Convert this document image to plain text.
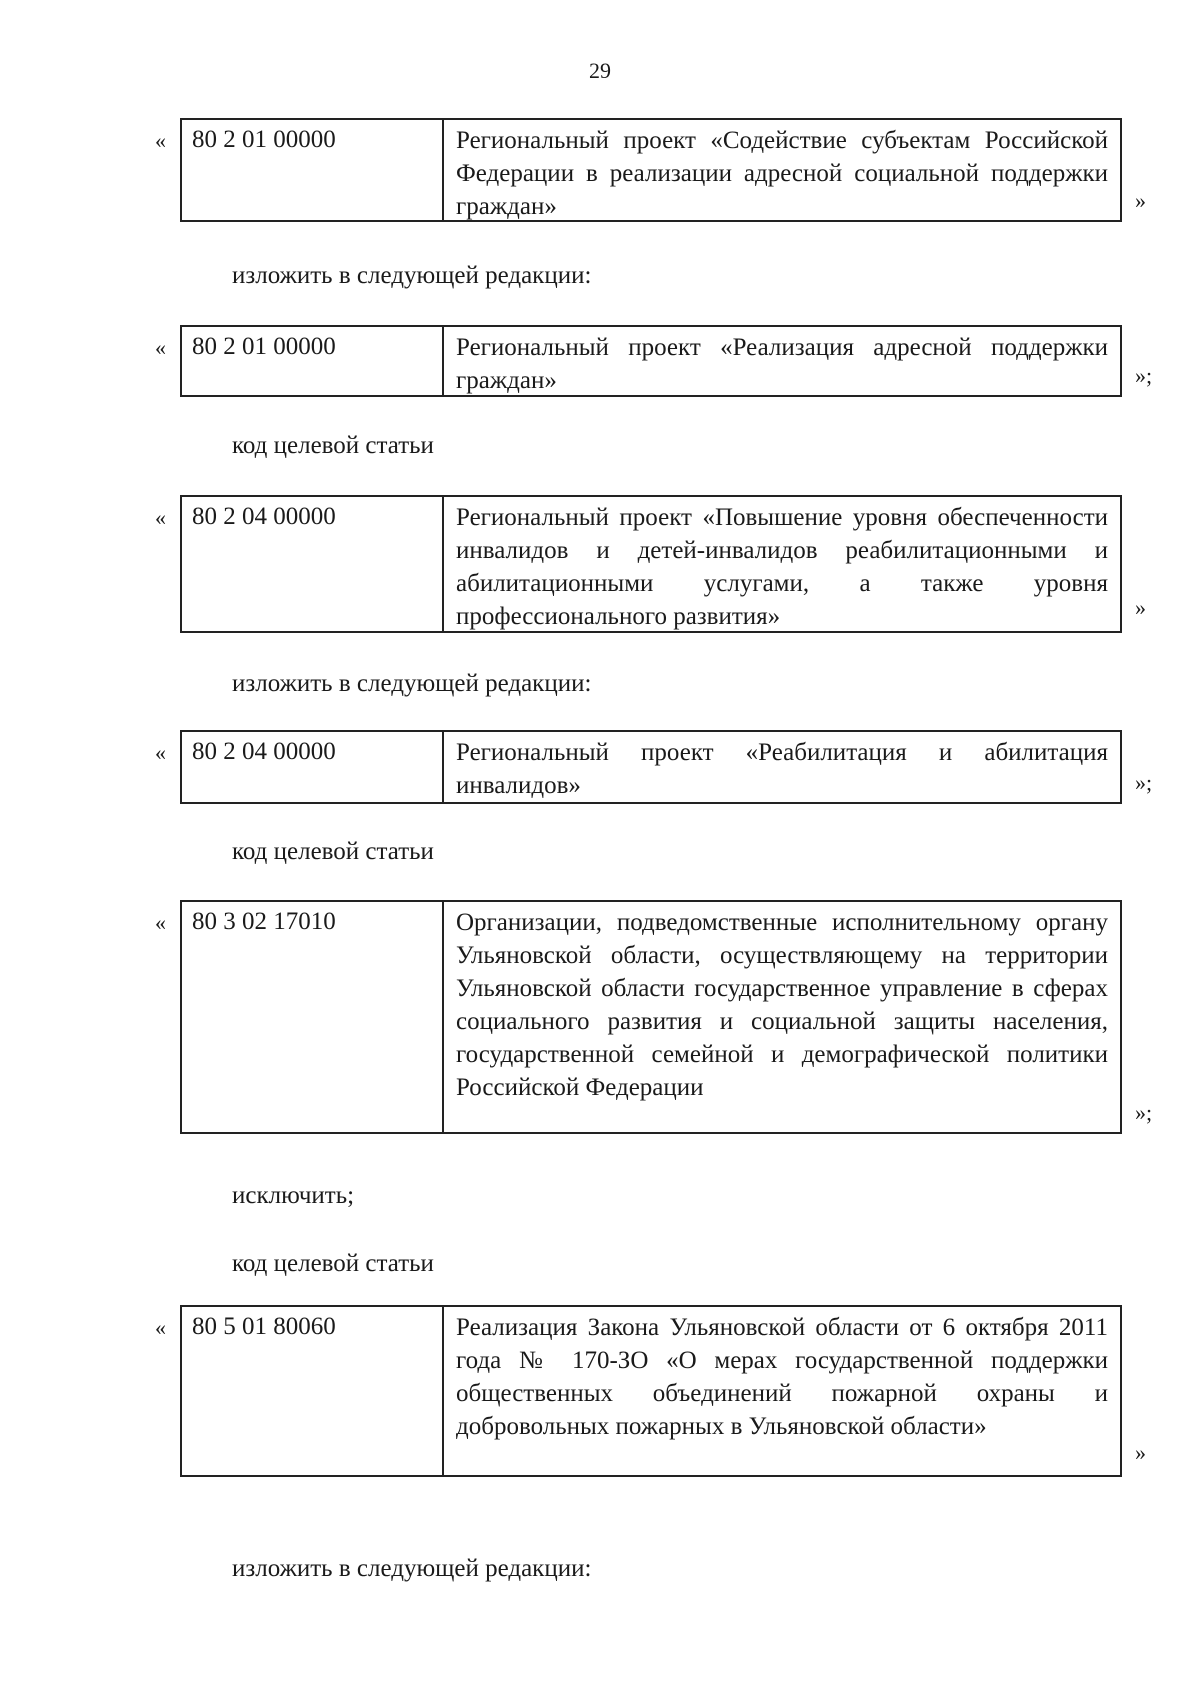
29
«	80 2 01 00000	Региональный проект «Содействие субъектам Российской Федерации в реализации адресной социальной поддержки граждан»	»
изложить в следующей редакции:
«	80 2 01 00000	Региональный проект «Реализация адресной поддержки граждан»	»;
код целевой статьи
«	80 2 04 00000	Региональный проект «Повышение уровня обеспеченности инвалидов и детей-инвалидов реабилитационными и абилитационными услугами, а также уровня профессионального развития»	»
изложить в следующей редакции:
«	80 2 04 00000	Региональный проект «Реабилитация и абилитация инвалидов»	»;
код целевой статьи
«	80 3 02 17010	Организации, подведомственные исполнительному органу Ульяновской области, осуществляющему на территории Ульяновской области государственное управление в сферах социального развития и социальной защиты населения, государственной семейной и демографической политики Российской Федерации
»;
исключить;
код целевой статьи
«	80 5 01 80060	Реализация Закона Ульяновской области от 6 октября 2011 года № 170-ЗО «О мерах государственной поддержки общественных объединений пожарной охраны и добровольных пожарных в Ульяновской области»
»
изложить в следующей редакции:
